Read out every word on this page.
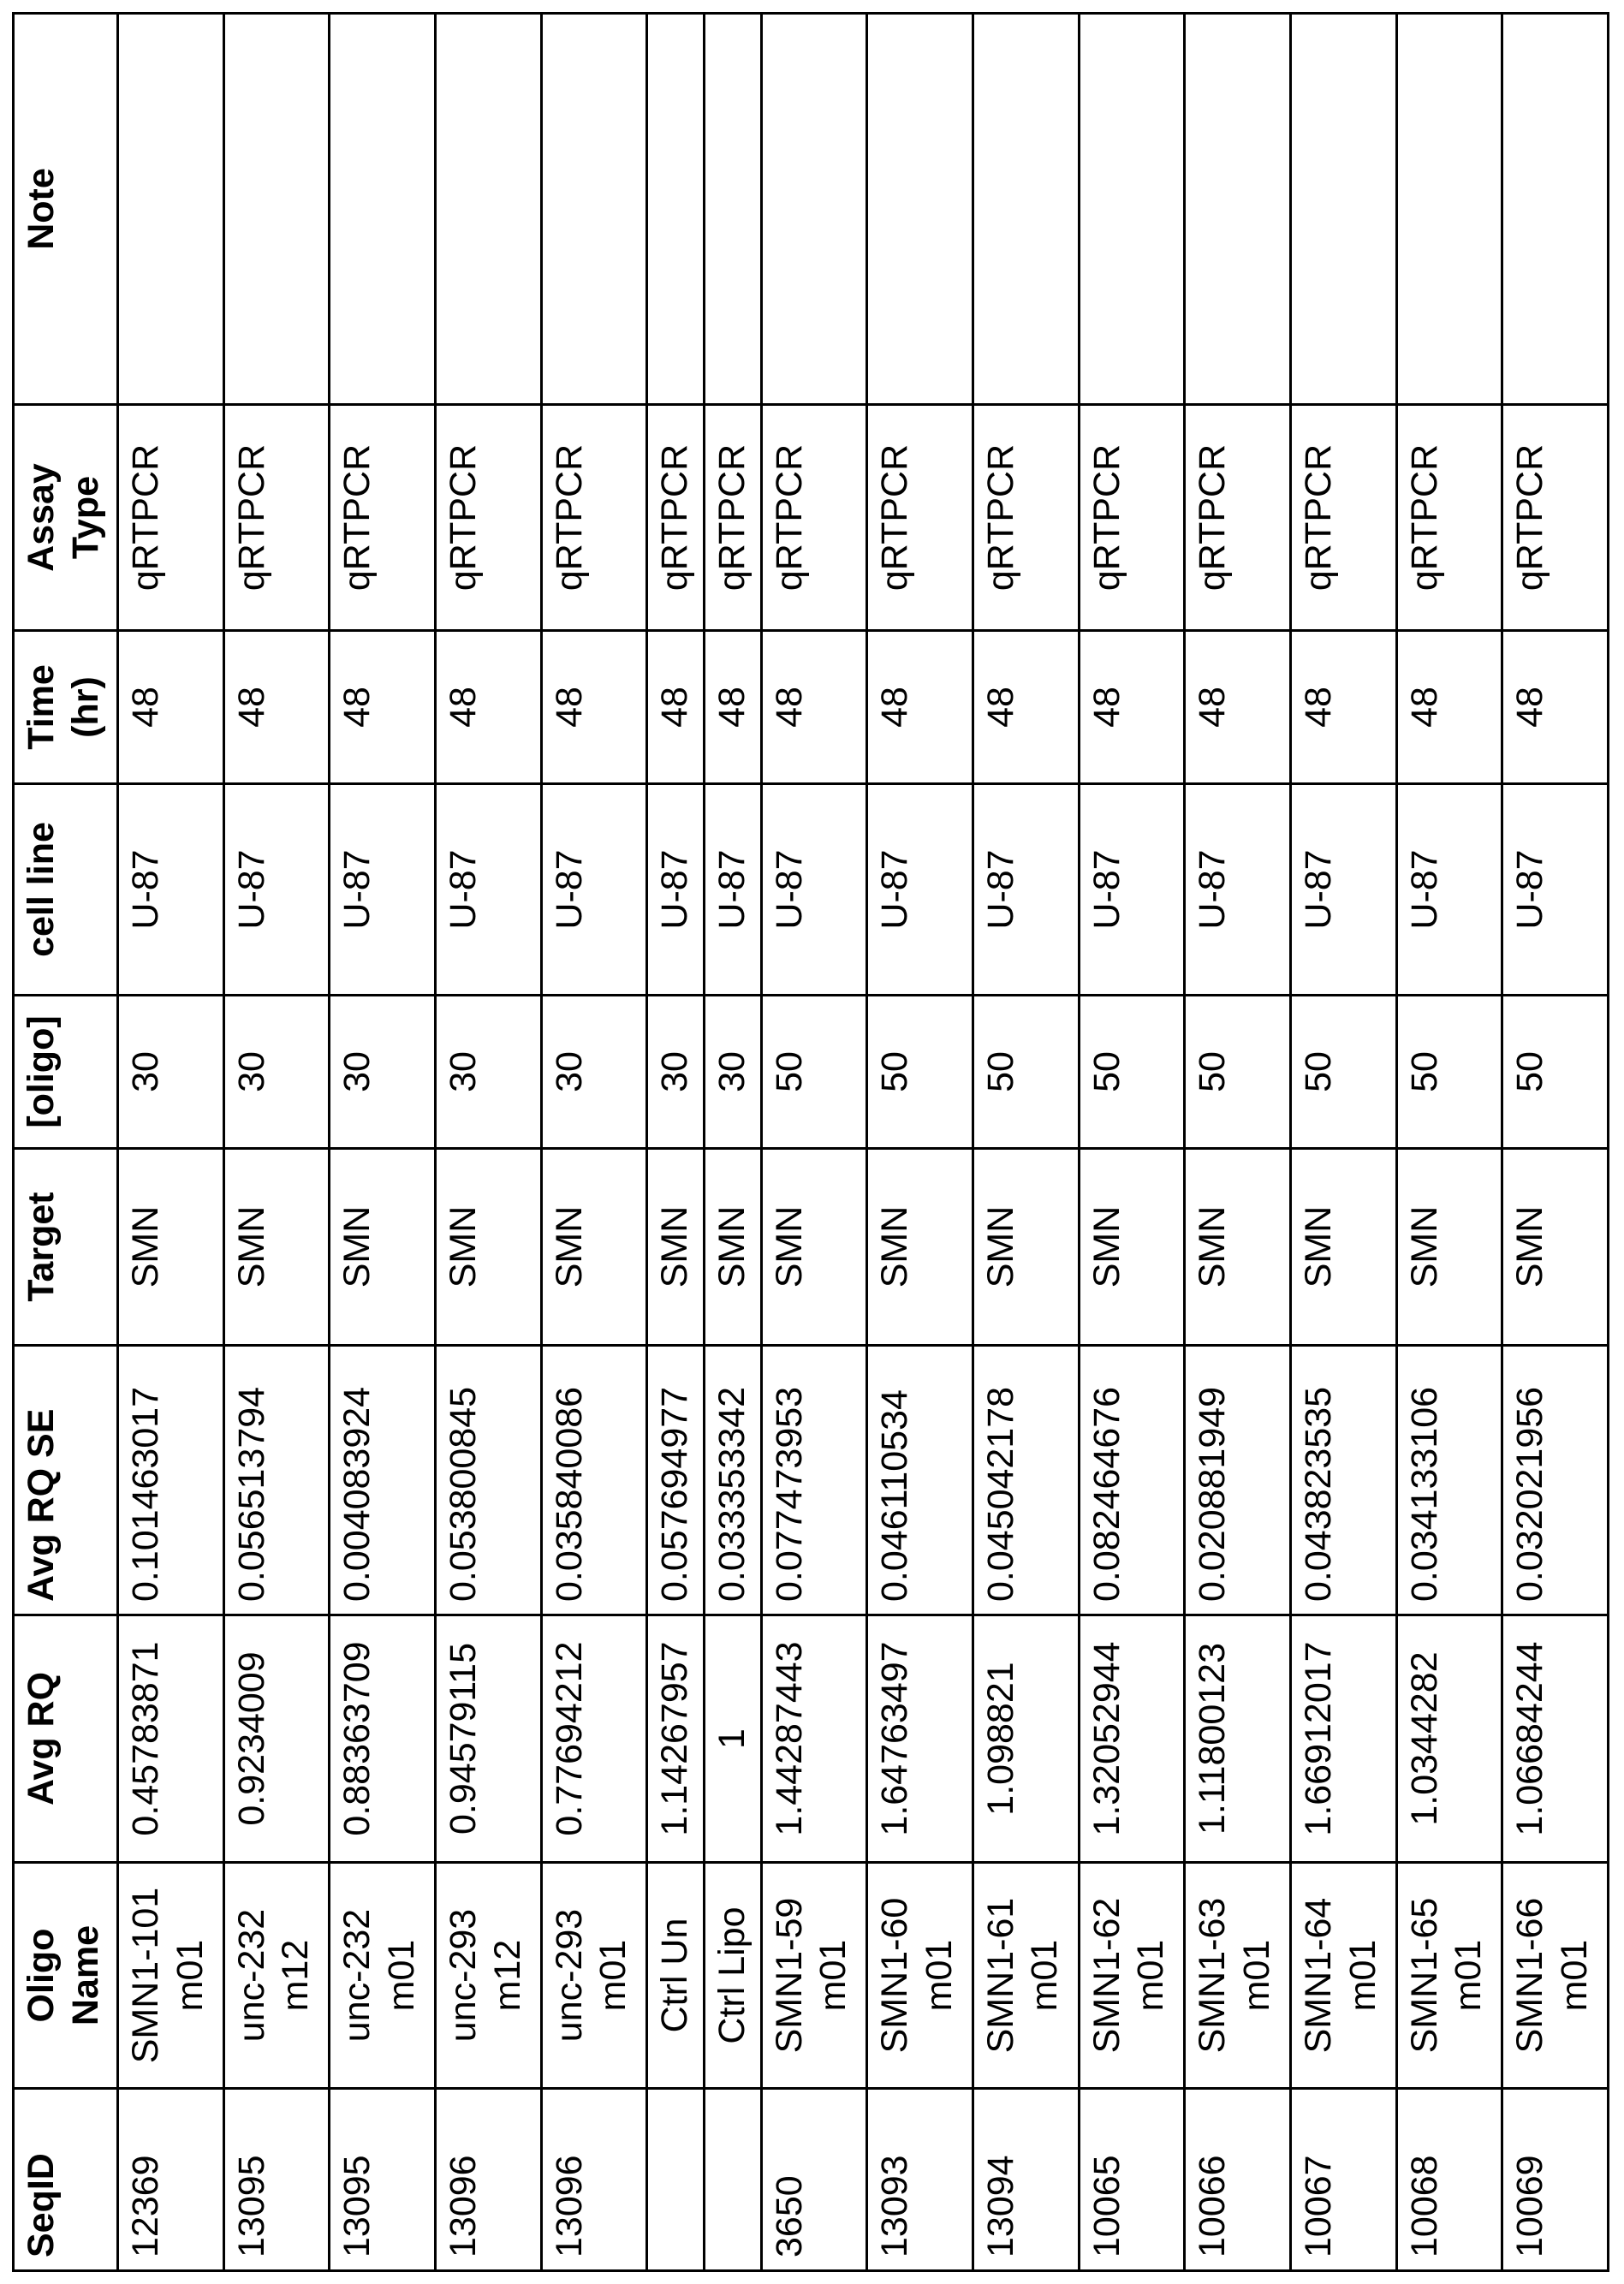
SeqID	Oligo Name	Avg RQ	Avg RQ SE	Target	[oligo]	cell line	Time (hr)	Assay Type	Note
12369	SMN1-101 m01	0.45783871	0.101463017	SMN	30	U-87	48	qRTPCR	
13095	unc-232 m12	0.9234009	0.056513794	SMN	30	U-87	48	qRTPCR	
13095	unc-232 m01	0.88363709	0.004083924	SMN	30	U-87	48	qRTPCR	
13096	unc-293 m12	0.94579115	0.053800845	SMN	30	U-87	48	qRTPCR	
13096	unc-293 m01	0.77694212	0.035840086	SMN	30	U-87	48	qRTPCR	
	Ctrl Un	1.14267957	0.057694977	SMN	30	U-87	48	qRTPCR	
	Ctrl Lipo	1	0.033353342	SMN	30	U-87	48	qRTPCR	
3650	SMN1-59 m01	1.44287443	0.077473953	SMN	50	U-87	48	qRTPCR	
13093	SMN1-60 m01	1.64763497	0.046110534	SMN	50	U-87	48	qRTPCR	
13094	SMN1-61 m01	1.098821	0.045042178	SMN	50	U-87	48	qRTPCR	
10065	SMN1-62 m01	1.32052944	0.082464676	SMN	50	U-87	48	qRTPCR	
10066	SMN1-63 m01	1.11800123	0.020881949	SMN	50	U-87	48	qRTPCR	
10067	SMN1-64 m01	1.66912017	0.043823535	SMN	50	U-87	48	qRTPCR	
10068	SMN1-65 m01	1.0344282	0.034133106	SMN	50	U-87	48	qRTPCR	
10069	SMN1-66 m01	1.06684244	0.032021956	SMN	50	U-87	48	qRTPCR	
